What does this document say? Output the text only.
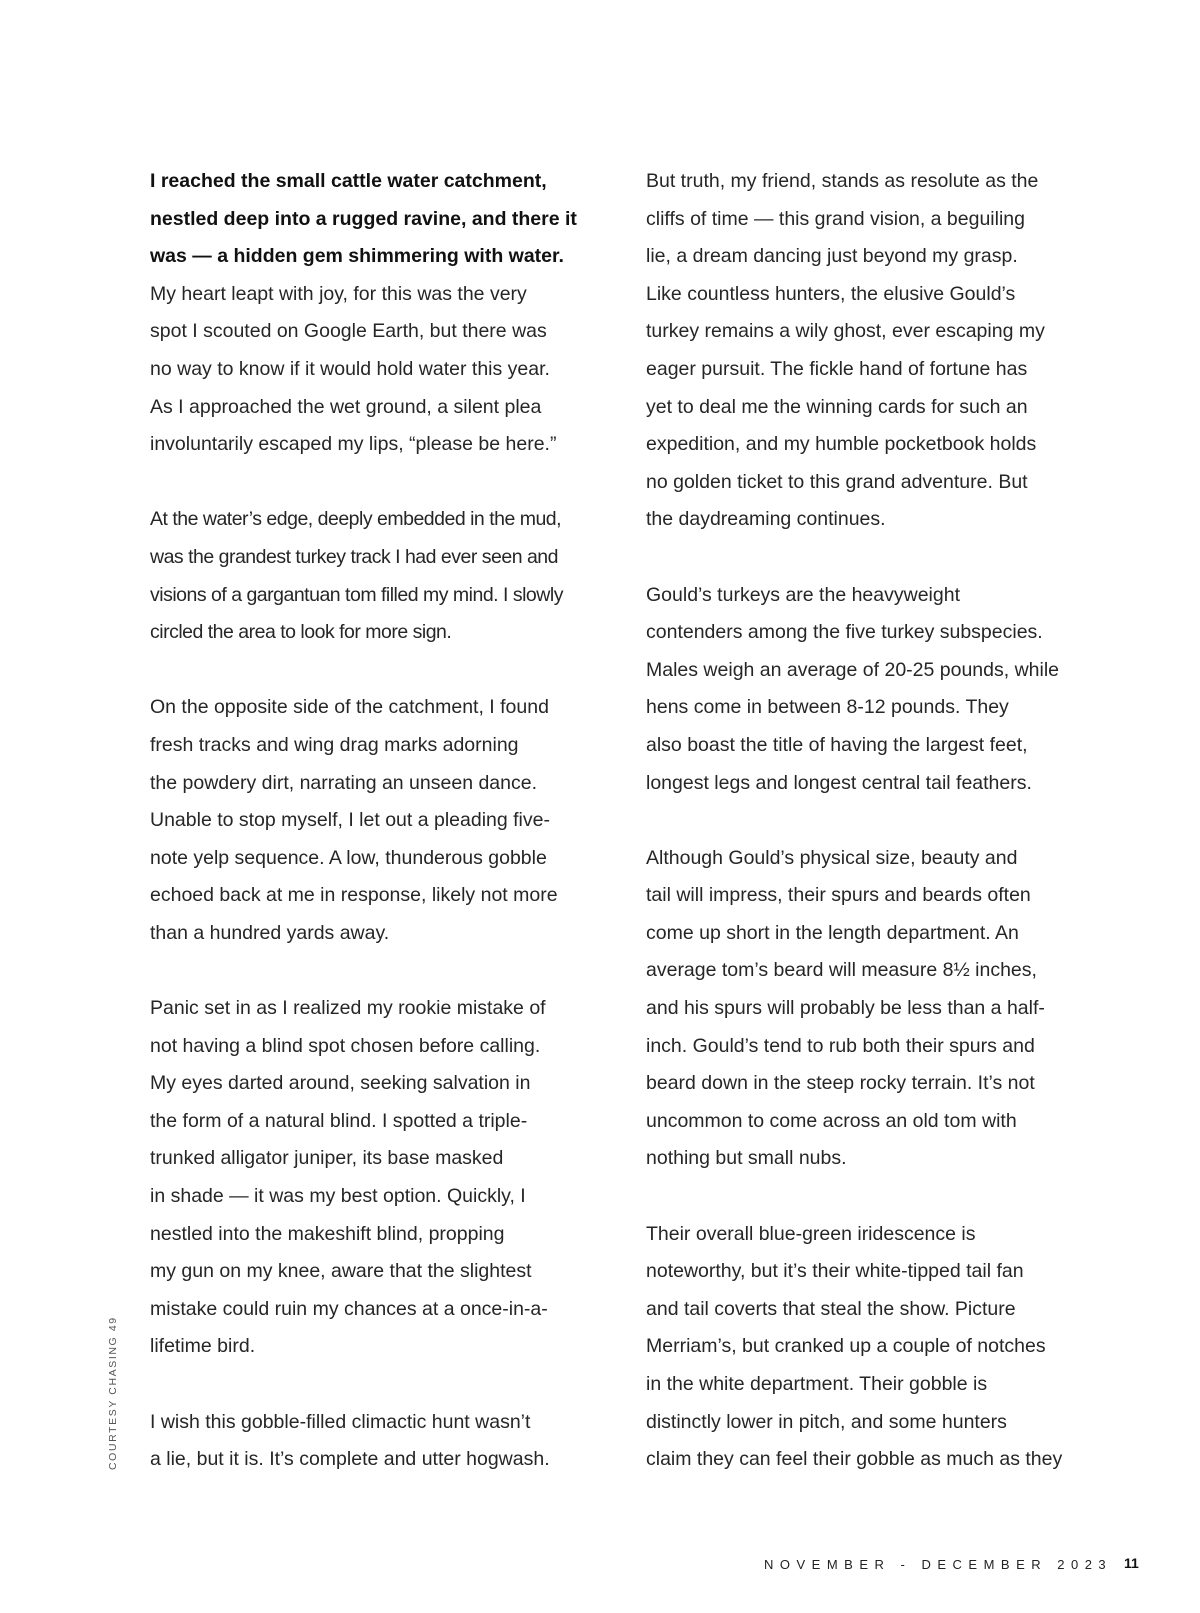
I reached the small cattle water catchment,
nestled deep into a rugged ravine, and there it
was — a hidden gem shimmering with water.
My heart leapt with joy, for this was the very
spot I scouted on Google Earth, but there was
no way to know if it would hold water this year.
As I approached the wet ground, a silent plea
involuntarily escaped my lips, “please be here.”
At the water’s edge, deeply embedded in the mud,
was the grandest turkey track I had ever seen and
visions of a gargantuan tom filled my mind. I slowly
circled the area to look for more sign.
On the opposite side of the catchment, I found
fresh tracks and wing drag marks adorning
the powdery dirt, narrating an unseen dance.
Unable to stop myself, I let out a pleading five-
note yelp sequence. A low, thunderous gobble
echoed back at me in response, likely not more
than a hundred yards away.
Panic set in as I realized my rookie mistake of
not having a blind spot chosen before calling.
My eyes darted around, seeking salvation in
the form of a natural blind. I spotted a triple-
trunked alligator juniper, its base masked
in shade — it was my best option. Quickly, I
nestled into the makeshift blind, propping
my gun on my knee, aware that the slightest
mistake could ruin my chances at a once-in-a-
lifetime bird.
I wish this gobble-filled climactic hunt wasn’t
a lie, but it is. It’s complete and utter hogwash.
But truth, my friend, stands as resolute as the
cliffs of time — this grand vision, a beguiling
lie, a dream dancing just beyond my grasp.
Like countless hunters, the elusive Gould’s
turkey remains a wily ghost, ever escaping my
eager pursuit. The fickle hand of fortune has
yet to deal me the winning cards for such an
expedition, and my humble pocketbook holds
no golden ticket to this grand adventure. But
the daydreaming continues.
Gould’s turkeys are the heavyweight
contenders among the five turkey subspecies.
Males weigh an average of 20-25 pounds, while
hens come in between 8-12 pounds. They
also boast the title of having the largest feet,
longest legs and longest central tail feathers.
Although Gould’s physical size, beauty and
tail will impress, their spurs and beards often
come up short in the length department. An
average tom’s beard will measure 8½ inches,
and his spurs will probably be less than a half-
inch. Gould’s tend to rub both their spurs and
beard down in the steep rocky terrain. It’s not
uncommon to come across an old tom with
nothing but small nubs.
Their overall blue-green iridescence is
noteworthy, but it’s their white-tipped tail fan
and tail coverts that steal the show. Picture
Merriam’s, but cranked up a couple of notches
in the white department. Their gobble is
distinctly lower in pitch, and some hunters
claim they can feel their gobble as much as they
COURTESY CHASING 49
NOVEMBER - DECEMBER 2023 11
